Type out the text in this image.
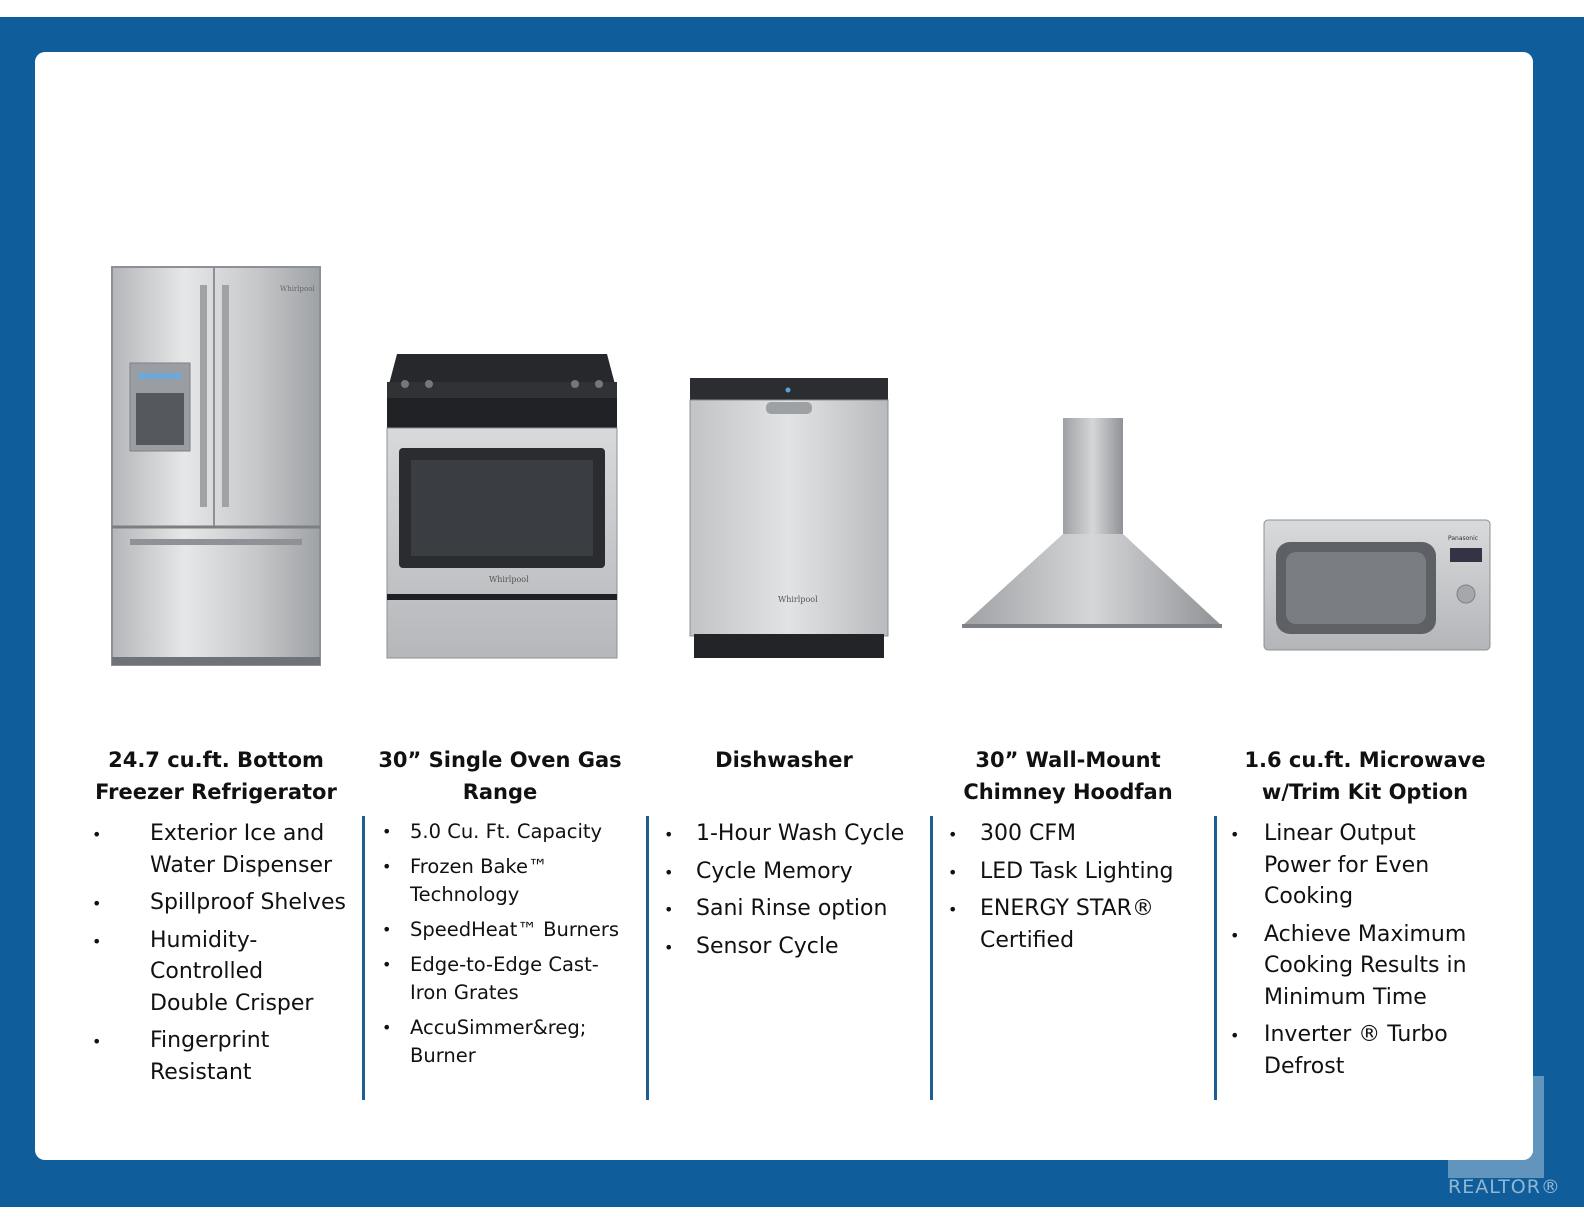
Whirlpool
Whirlpool
Whirlpool
Panasonic
24.7 cu.ft. Bottom
Freezer Refrigerator
30” Single Oven Gas
Range
Dishwasher	30” Wall-Mount
Chimney Hoodfan
1.6 cu.ft. Microwave
w/Trim Kit Option
• Exterior Ice and
Water Dispenser
• Spillproof Shelves
• Humidity-
Controlled
Double Crisper
• Fingerprint
Resistant
• 5.0 Cu. Ft. Capacity
• Frozen Bake™
Technology
• SpeedHeat™ Burners
• Edge-to-Edge Cast-
Iron Grates
• AccuSimmer&reg;
Burner
• 1-Hour Wash Cycle
• Cycle Memory
• Sani Rinse option
• Sensor Cycle
• 300 CFM
• LED Task Lighting
• ENERGY STAR®
Certified
• Linear Output
Power for Even
Cooking
• Achieve Maximum
Cooking Results in
Minimum Time
• Inverter ® Turbo
Defrost
REALTOR®
